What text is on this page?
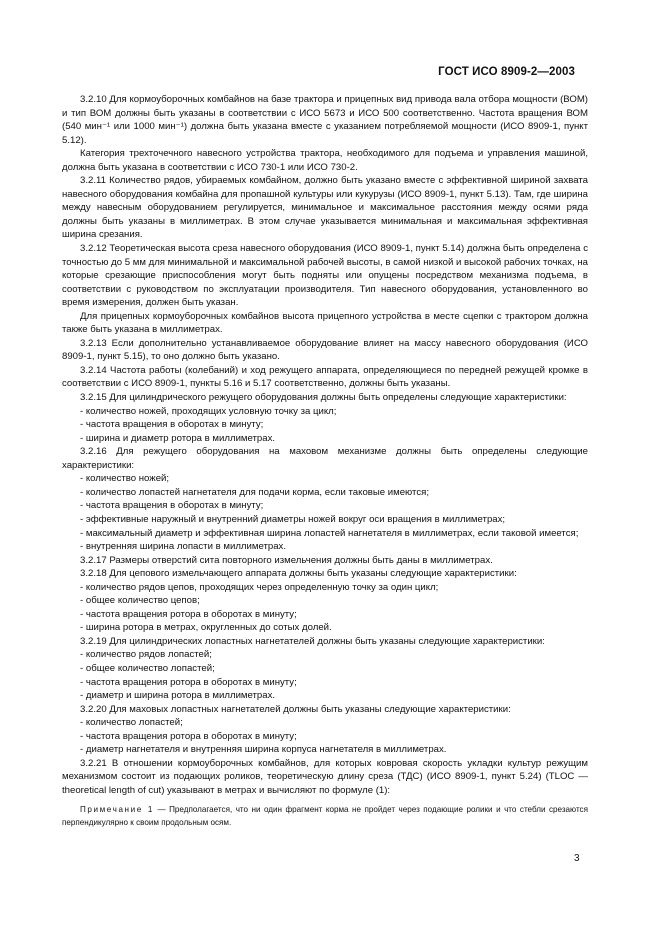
ГОСТ ИСО 8909-2—2003

3.2.10 Для кормоуборочных комбайнов на базе трактора и прицепных вид привода вала отбора мощности (ВОМ) и тип ВОМ должны быть указаны в соответствии с ИСО 5673 и ИСО 500 соответственно. Частота вращения ВОМ (540 мин⁻¹ или 1000 мин⁻¹) должна быть указана вместе с указанием потребляемой мощности (ИСО 8909-1, пункт 5.12).

Категория трехточечного навесного устройства трактора, необходимого для подъема и управления машиной, должна быть указана в соответствии с ИСО 730-1 или ИСО 730-2.

3.2.11 Количество рядов, убираемых комбайном, должно быть указано вместе с эффективной шириной захвата навесного оборудования комбайна для пропашной культуры или кукурузы (ИСО 8909-1, пункт 5.13). Там, где ширина между навесным оборудованием регулируется, минимальное и максимальное расстояния между осями ряда должны быть указаны в миллиметрах. В этом случае указывается минимальная и максимальная эффективная ширина срезания.

3.2.12 Теоретическая высота среза навесного оборудования (ИСО 8909-1, пункт 5.14) должна быть определена с точностью до 5 мм для минимальной и максимальной рабочей высоты, в самой низкой и высокой рабочих точках, на которые срезающие приспособления могут быть подняты или опущены посредством механизма подъема, в соответствии с руководством по эксплуатации производителя. Тип навесного оборудования, установленного во время измерения, должен быть указан.

Для прицепных кормоуборочных комбайнов высота прицепного устройства в месте сцепки с трактором должна также быть указана в миллиметрах.

3.2.13 Если дополнительно устанавливаемое оборудование влияет на массу навесного оборудования (ИСО 8909-1, пункт 5.15), то оно должно быть указано.

3.2.14 Частота работы (колебаний) и ход режущего аппарата, определяющиеся по передней режущей кромке в соответствии с ИСО 8909-1, пункты 5.16 и 5.17 соответственно, должны быть указаны.

3.2.15 Для цилиндрического режущего оборудования должны быть определены следующие характеристики:

- количество ножей, проходящих условную точку за цикл;

- частота вращения в оборотах в минуту;

- ширина и диаметр ротора в миллиметрах.

3.2.16 Для режущего оборудования на маховом механизме должны быть определены следующие характеристики:

- количество ножей;

- количество лопастей нагнетателя для подачи корма, если таковые имеются;

- частота вращения в оборотах в минуту;

- эффективные наружный и внутренний диаметры ножей вокруг оси вращения в миллиметрах;

- максимальный диаметр и эффективная ширина лопастей нагнетателя в миллиметрах, если таковой имеется;

- внутренняя ширина лопасти в миллиметрах.

3.2.17 Размеры отверстий сита повторного измельчения должны быть даны в миллиметрах.

3.2.18 Для цепового измельчающего аппарата должны быть указаны следующие характеристики:

- количество рядов цепов, проходящих через определенную точку за один цикл;

- общее количество цепов;

- частота вращения ротора в оборотах в минуту;

- ширина ротора в метрах, округленных до сотых долей.

3.2.19 Для цилиндрических лопастных нагнетателей должны быть указаны следующие характеристики:

- количество рядов лопастей;

- общее количество лопастей;

- частота вращения ротора в оборотах в минуту;

- диаметр и ширина ротора в миллиметрах.

3.2.20 Для маховых лопастных нагнетателей должны быть указаны следующие характеристики:

- количество лопастей;

- частота вращения ротора в оборотах в минуту;

- диаметр нагнетателя и внутренняя ширина корпуса нагнетателя в миллиметрах.

3.2.21 В отношении кормоуборочных комбайнов, для которых ковровая скорость укладки культур режущим механизмом состоит из подающих роликов, теоретическую длину среза (ТДС) (ИСО 8909-1, пункт 5.24) (TLOC — theoretical length of cut) указывают в метрах и вычисляют по формуле (1):

Примечание 1 — Предполагается, что ни один фрагмент корма не пройдет через подающие ролики и что стебли срезаются перпендикулярно к своим продольным осям.

3
